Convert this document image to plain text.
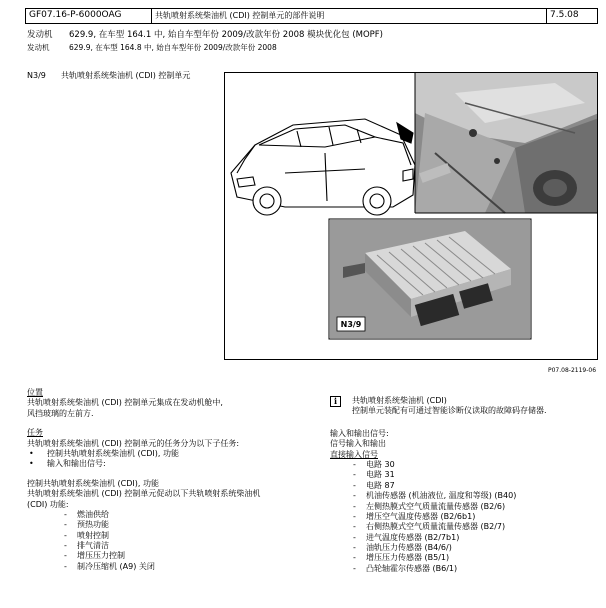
GF07.16-P-6000OAG	共轨喷射系统柴油机 (CDI) 控制单元的部件说明	7.5.08
发动机	629.9, 在车型 164.1 中, 始自车型年份 2009/改款年份 2008 模块优化包 (MOPF)
发动机	629.9, 在车型 164.8 中, 始自车型年份 2009/改款年份 2008
N3/9	共轨喷射系统柴油机 (CDI) 控制单元
N3/9
P07.08-2119-06
位置
共轨喷射系统柴油机 (CDI) 控制单元集成在发动机舱中,
风挡玻璃的左前方.
任务
共轨喷射系统柴油机 (CDI) 控制单元的任务分为以下子任务:
•	控制共轨喷射系统柴油机 (CDI), 功能
•	输入和输出信号:
控制共轨喷射系统柴油机 (CDI), 功能
共轨喷射系统柴油机 (CDI) 控制单元促动以下共轨喷射系统柴油机
(CDI) 功能:
-	燃油供给
-	预热功能
-	喷射控制
-	排气清洁
-	增压压力控制
-	制冷压缩机 (A9) 关闭
i	共轨喷射系统柴油机 (CDI)
控制单元装配有可通过智能诊断仪读取的故障码存储器.
输入和输出信号:
信号输入和输出
直接输入信号
-	电路 30
-	电路 31
-	电路 87
-	机油传感器 (机油液位, 温度和等级) (B40)
-	左侧热膜式空气质量流量传感器 (B2/6)
-	增压空气温度传感器 (B2/6b1)
-	右侧热膜式空气质量流量传感器 (B2/7)
-	进气温度传感器 (B2/7b1)
-	油轨压力传感器 (B4/6/)
-	增压压力传感器 (B5/1)
-	凸轮轴霍尔传感器 (B6/1)
